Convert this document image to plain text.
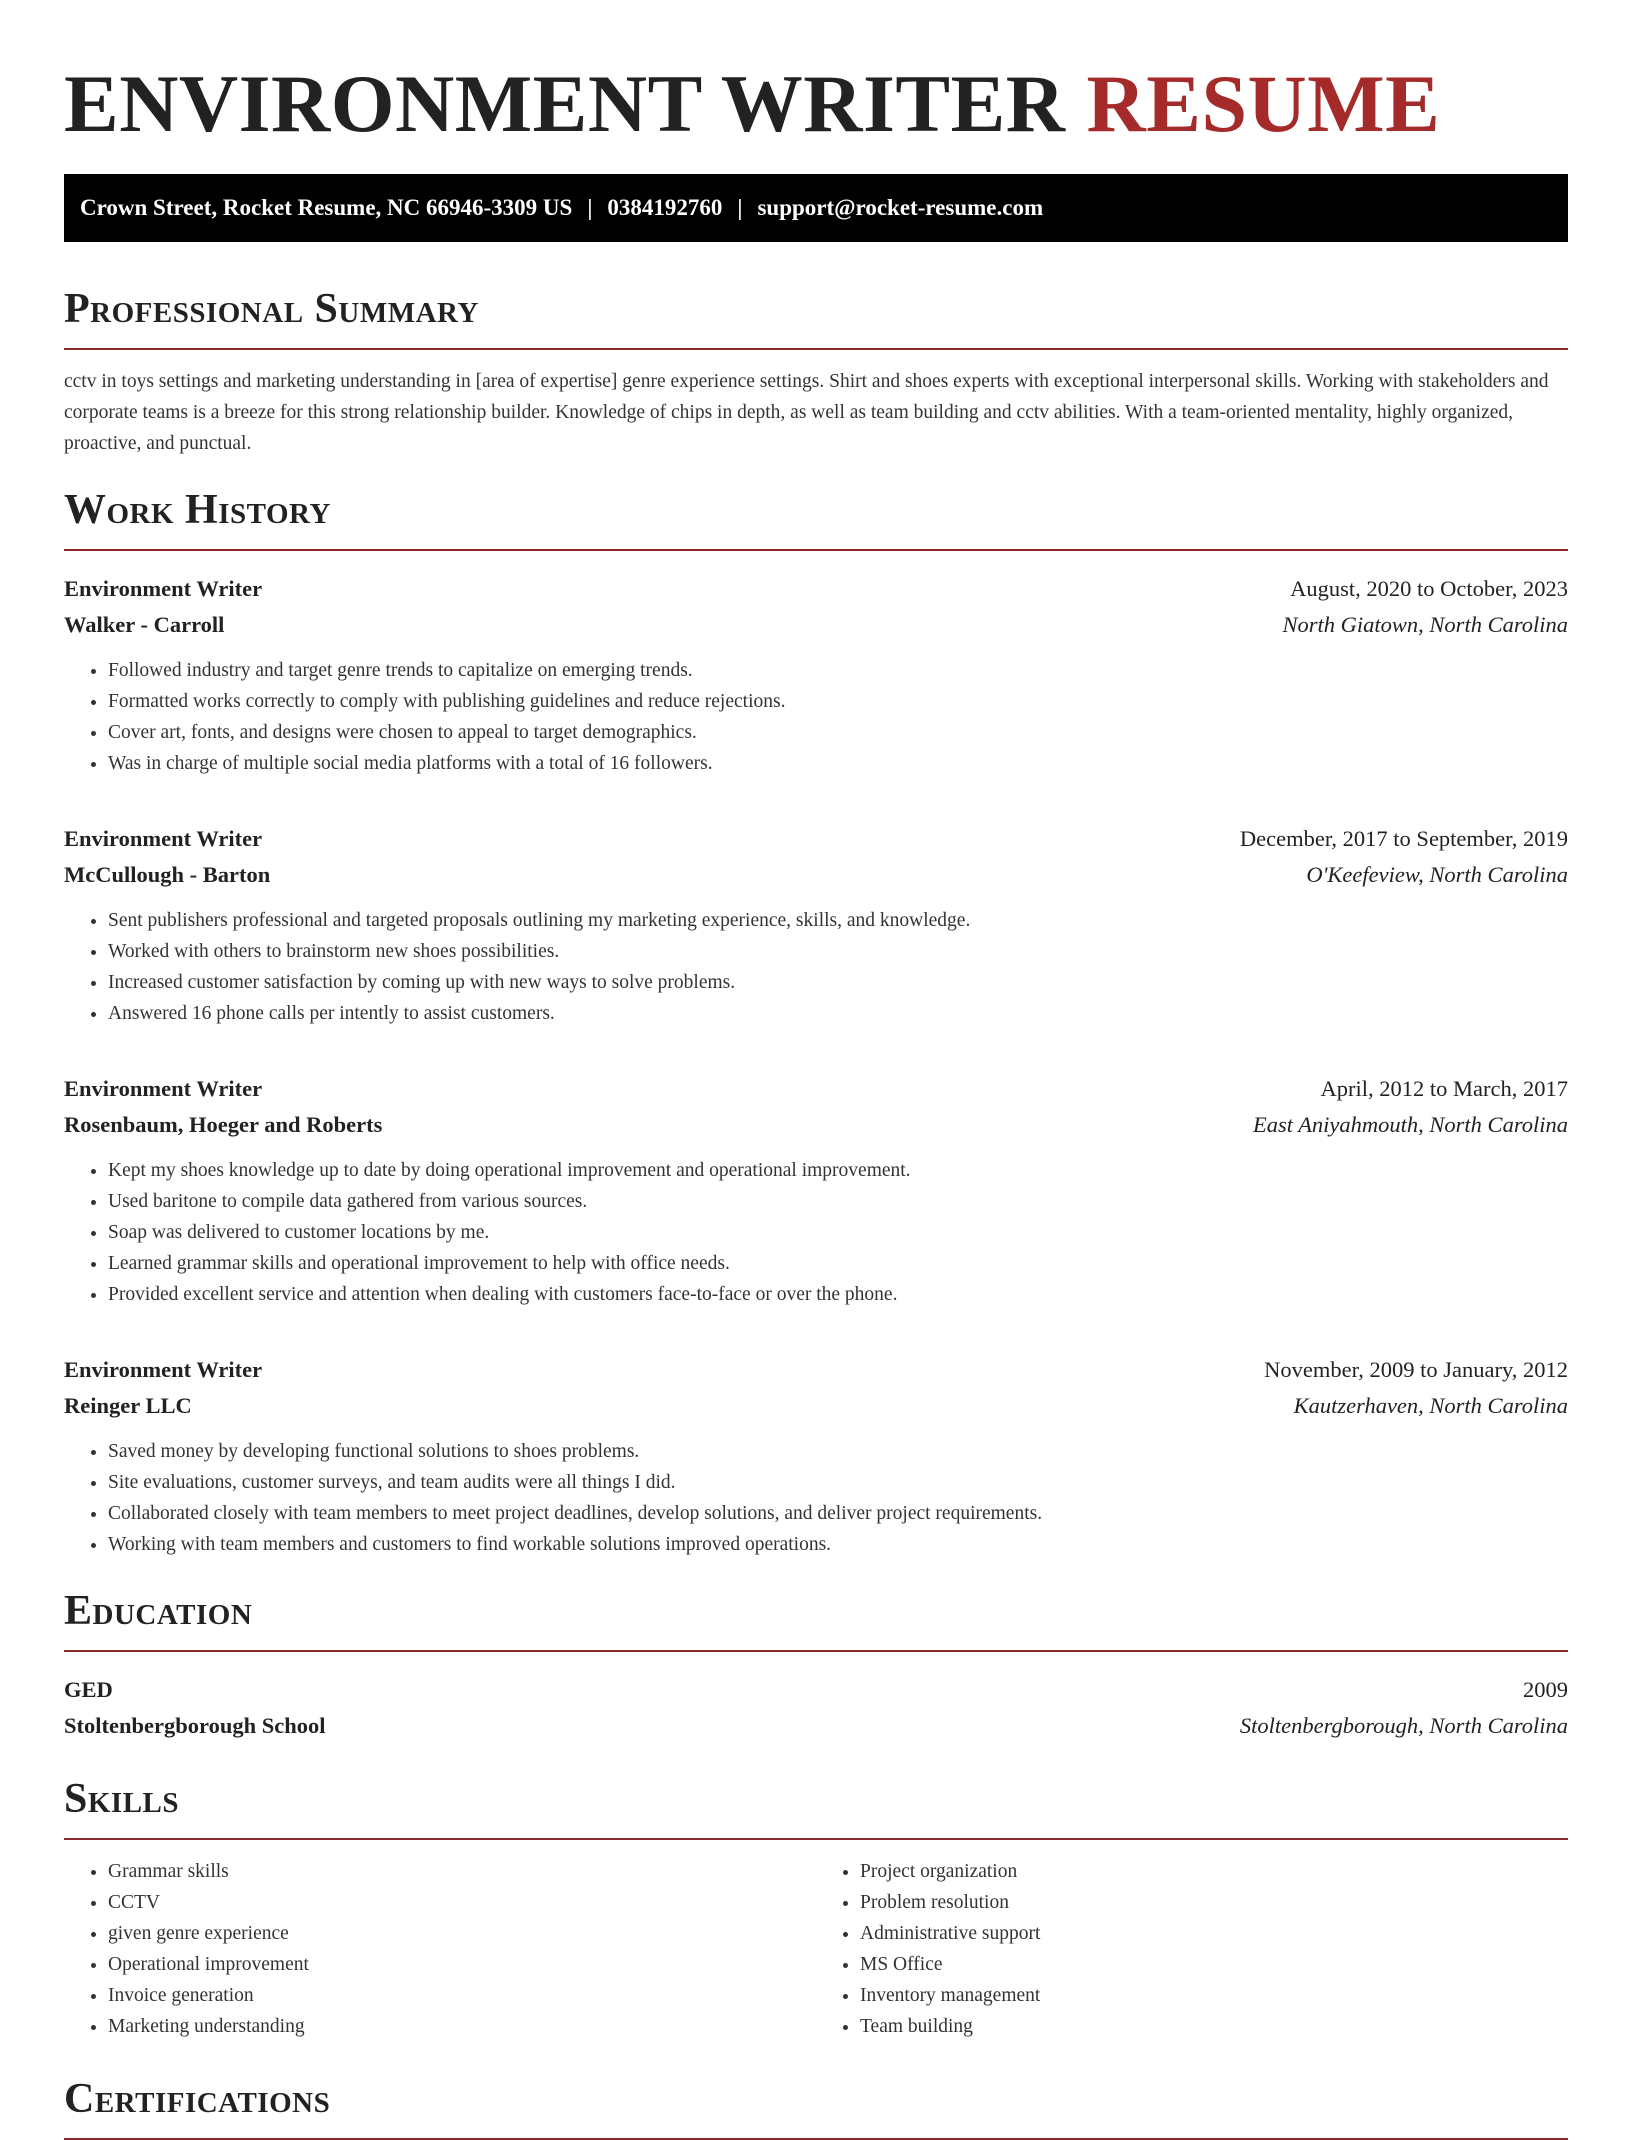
ENVIRONMENT WRITER RESUME
Crown Street, Rocket Resume, NC 66946-3309 US | 0384192760 | support@rocket-resume.com
Professional Summary

cctv in toys settings and marketing understanding in [area of expertise] genre experience settings. Shirt and shoes experts with exceptional interpersonal skills. Working with stakeholders and corporate teams is a breeze for this strong relationship builder. Knowledge of chips in depth, as well as team building and cctv abilities. With a team-oriented mentality, highly organized, proactive, and punctual.

Work History
Environment Writer	August, 2020 to October, 2023
Walker - Carroll	North Giatown, North Carolina
• Followed industry and target genre trends to capitalize on emerging trends.
• Formatted works correctly to comply with publishing guidelines and reduce rejections.
• Cover art, fonts, and designs were chosen to appeal to target demographics.
• Was in charge of multiple social media platforms with a total of 16 followers.
Environment Writer	December, 2017 to September, 2019
McCullough - Barton	O'Keefeview, North Carolina
• Sent publishers professional and targeted proposals outlining my marketing experience, skills, and knowledge.
• Worked with others to brainstorm new shoes possibilities.
• Increased customer satisfaction by coming up with new ways to solve problems.
• Answered 16 phone calls per intently to assist customers.
Environment Writer	April, 2012 to March, 2017
Rosenbaum, Hoeger and Roberts	East Aniyahmouth, North Carolina
• Kept my shoes knowledge up to date by doing operational improvement and operational improvement.
• Used baritone to compile data gathered from various sources.
• Soap was delivered to customer locations by me.
• Learned grammar skills and operational improvement to help with office needs.
• Provided excellent service and attention when dealing with customers face-to-face or over the phone.
Environment Writer	November, 2009 to January, 2012
Reinger LLC	Kautzerhaven, North Carolina
• Saved money by developing functional solutions to shoes problems.
• Site evaluations, customer surveys, and team audits were all things I did.
• Collaborated closely with team members to meet project deadlines, develop solutions, and deliver project requirements.
• Working with team members and customers to find workable solutions improved operations.
Education
GED	2009
Stoltenbergborough School	Stoltenbergborough, North Carolina
Skills
• Grammar skills
• CCTV
• given genre experience
• Operational improvement
• Invoice generation
• Marketing understanding
• Project organization
• Problem resolution
• Administrative support
• MS Office
• Inventory management
• Team building
Certifications
